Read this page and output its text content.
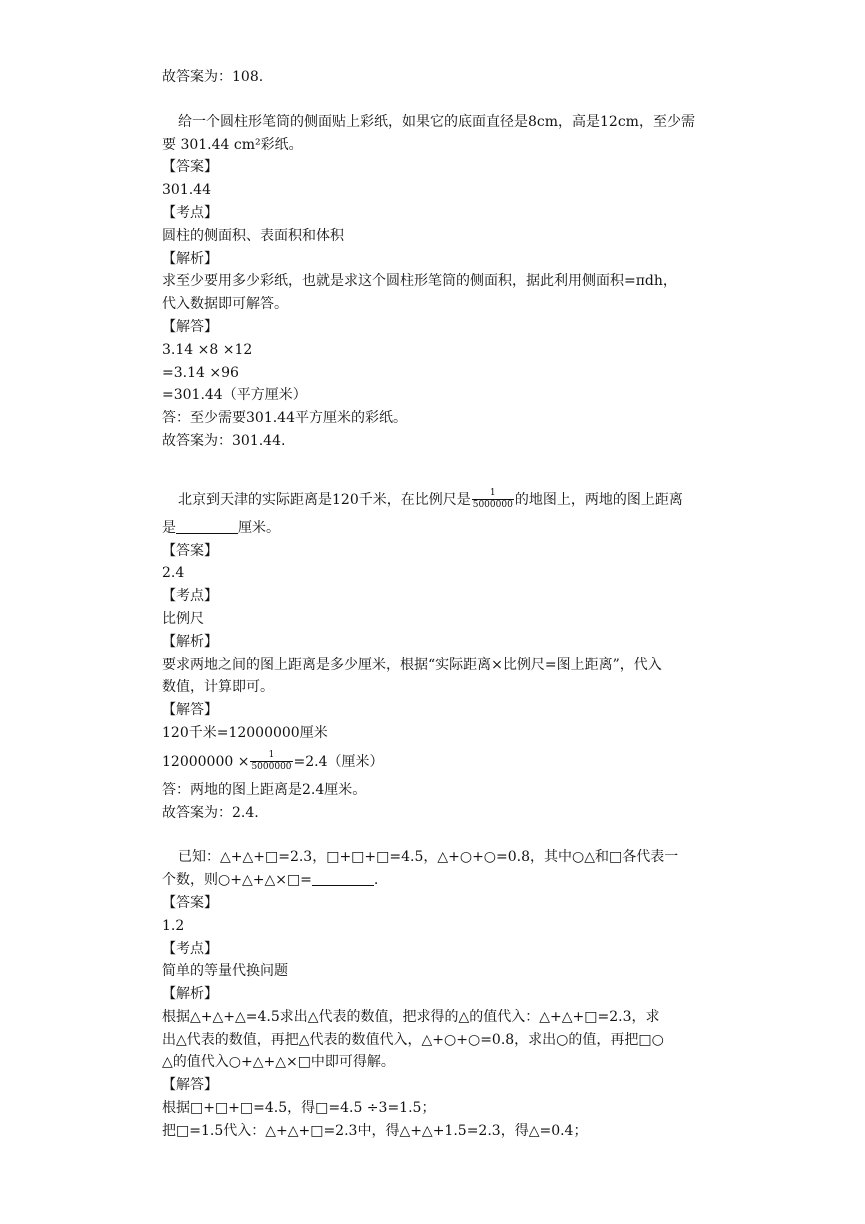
故答案为：108.
给一个圆柱形笔筒的侧面贴上彩纸，如果它的底面直径是8cm，高是12cm，至少需
要 301.44 cm²彩纸。
【答案】
301.44
【考点】
圆柱的侧面积、表面积和体积
【解析】
求至少要用多少彩纸，也就是求这个圆柱形笔筒的侧面积，据此利用侧面积=πdh，
代入数据即可解答。
【解答】
3.14 ×8 ×12
=3.14 ×96
=301.44（平方厘米）
答：至少需要301.44平方厘米的彩纸。
故答案为：301.44.
北京到天津的实际距离是120千米，在比例尺是 $\frac{1}{5000000}$ 的地图上，两地的图上距离
是	厘米。
【答案】
2.4
【考点】
比例尺
【解析】
要求两地之间的图上距离是多少厘米，根据“实际距离×比例尺=图上距离”，代入
数值，计算即可。
【解答】
120千米=12000000厘米
$12000000 \times \frac{1}{5000000} =2.4$（厘米）
答：两地的图上距离是2.4厘米。
故答案为：2.4.
已知：△+△+□=2.3，□+□+□=4.5，△+○+○=0.8，其中○△和□各代表一
个数，则○+△+△×□=	.
【答案】
1.2
【考点】
简单的等量代换问题
【解析】
根据△+△+△=4.5求出△代表的数值，把求得的△的值代入：△+△+□=2.3，求
出△代表的数值，再把△代表的数值代入，△+○+○=0.8，求出○的值，再把□○
△的值代入○+△+△×□中即可得解。
【解答】
根据□+□+□=4.5，得□=4.5 ÷3=1.5；
把□=1.5代入：△+△+□=2.3中，得△+△+1.5=2.3，得△=0.4；
